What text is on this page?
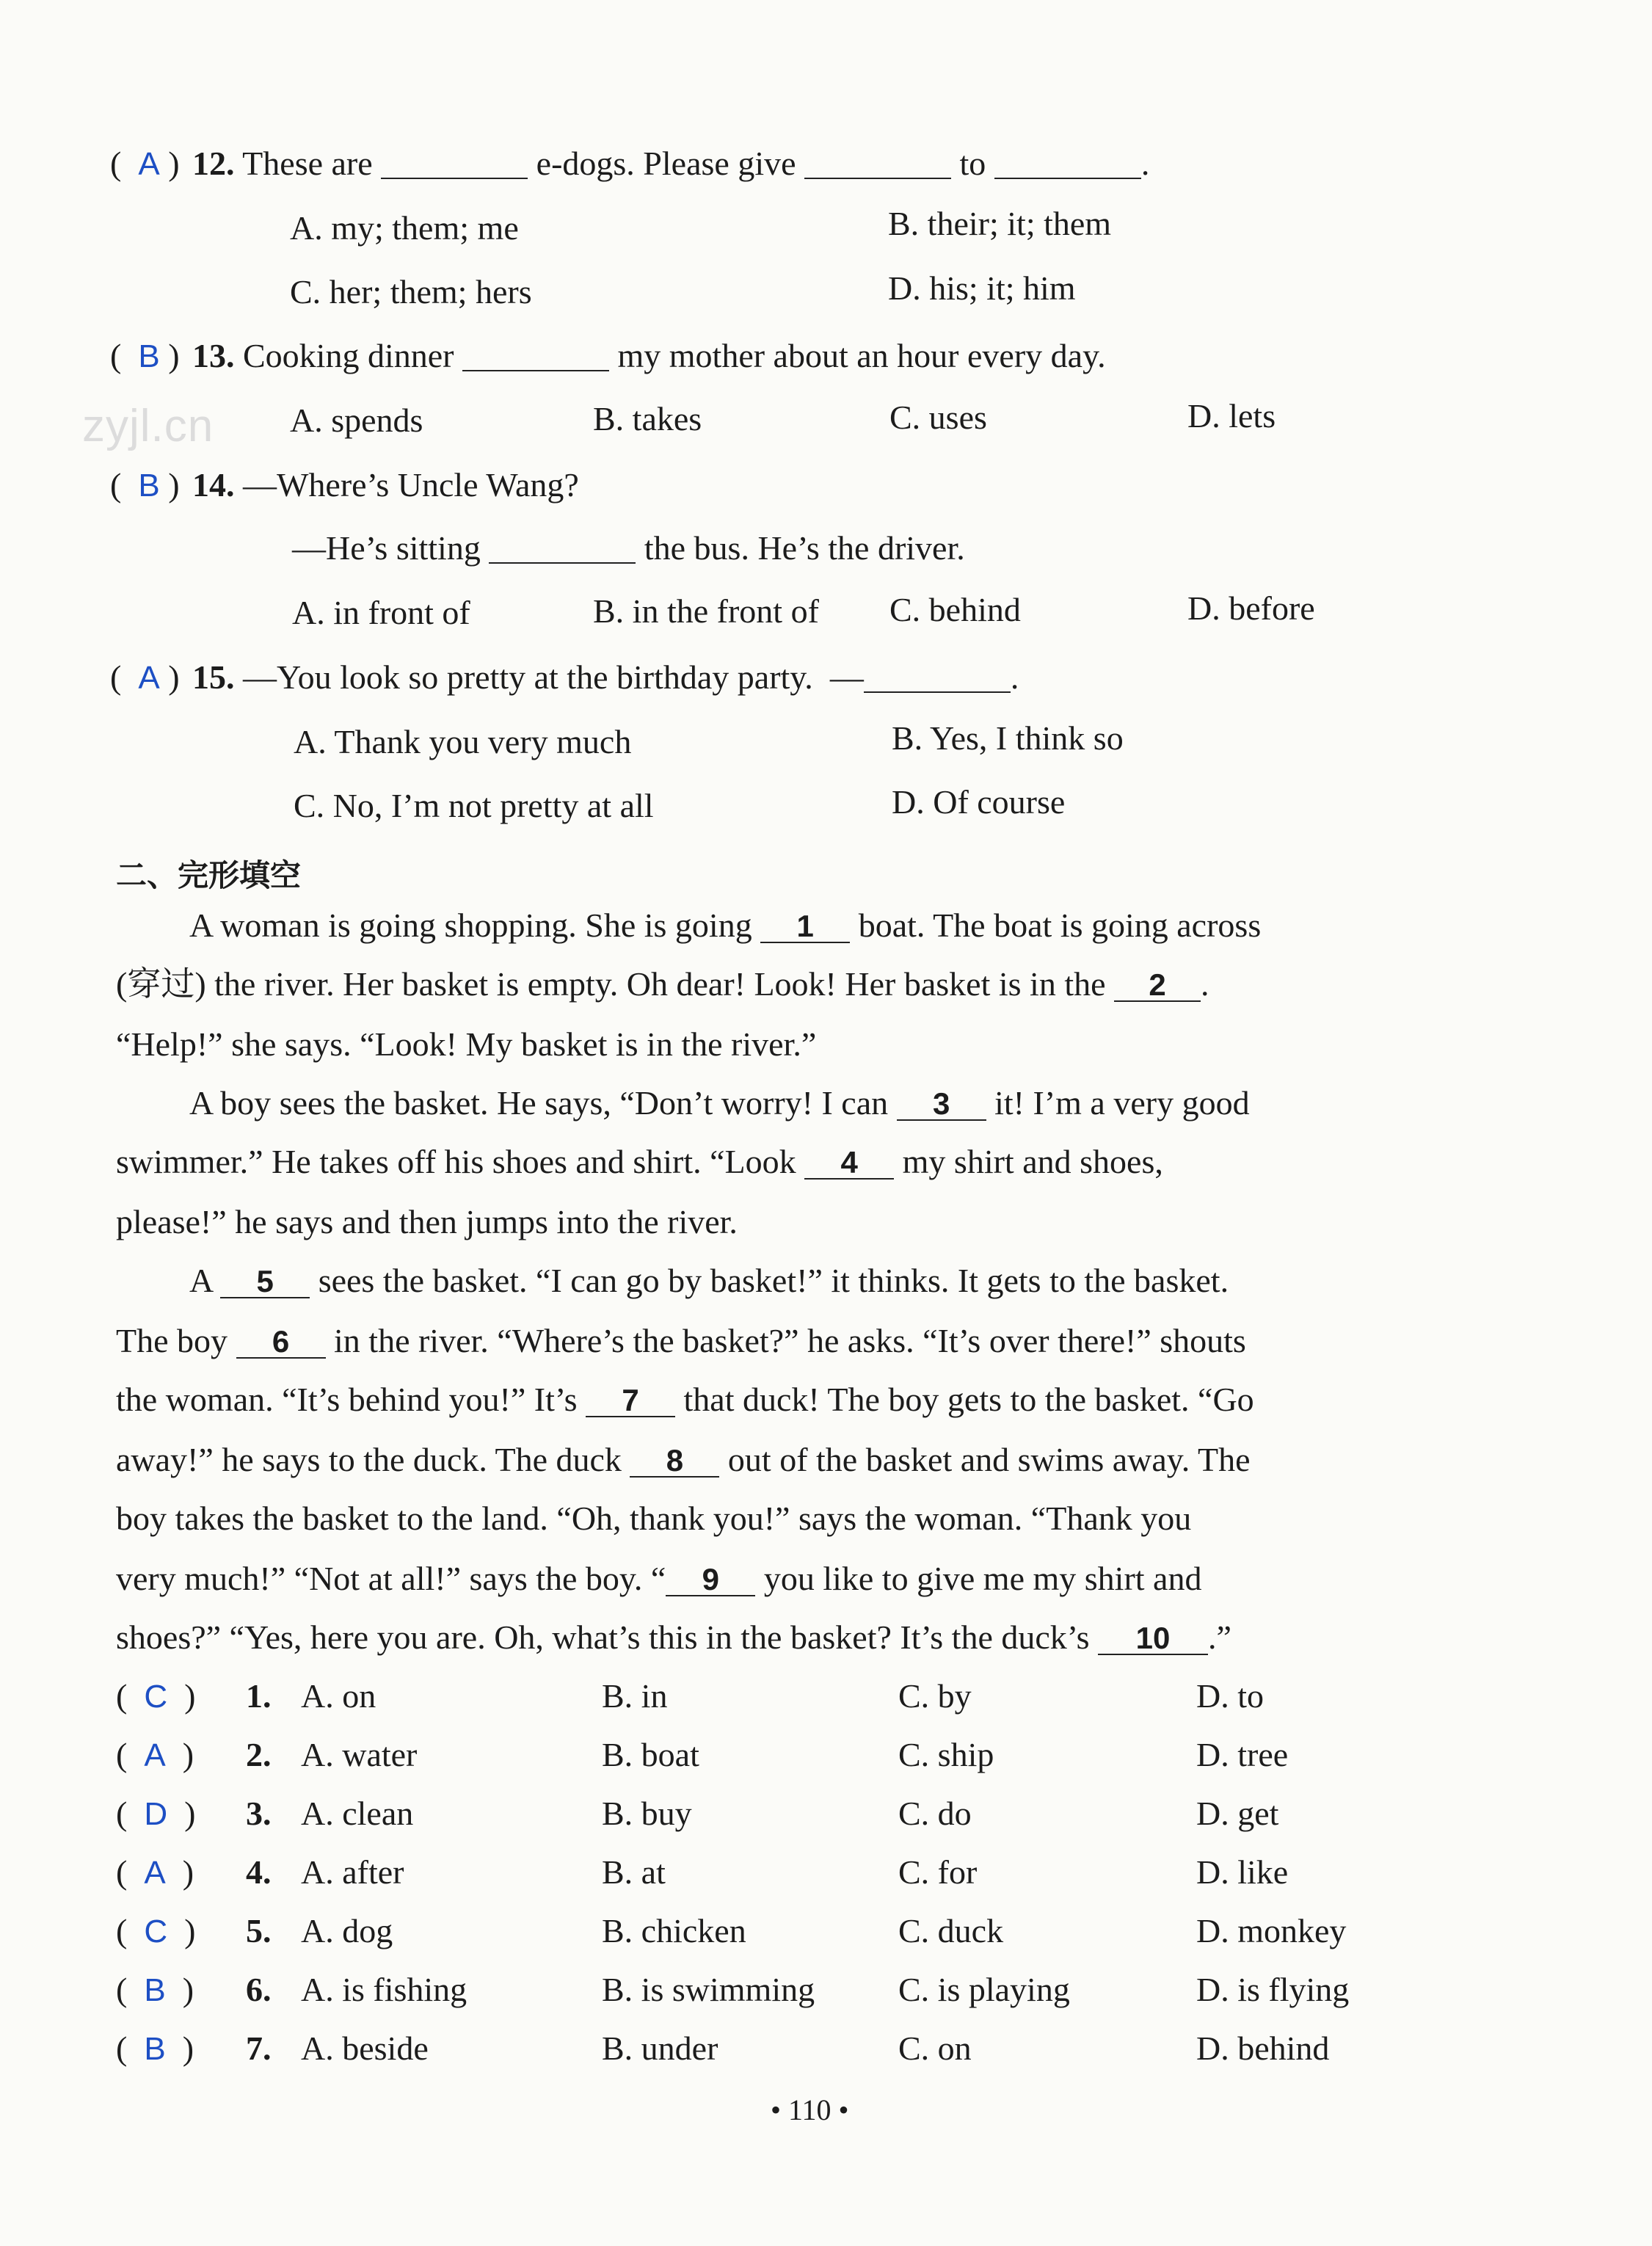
zyjl.cn
(  A ) 12. These are	e-dogs. Please give	to	.
A. my; them; me	B. their; it; them
C. her; them; hers	D. his; it; him
(  B ) 13. Cooking dinner	my mother about an hour every day.
A. spends	B. takes	C. uses	D. lets
(  B ) 14. —Where’s Uncle Wang?
—He’s sitting	the bus. He’s the driver.
A. in front of	B. in the front of C. behind	D. before
(  A ) 15. —You look so pretty at the birthday party. —	.
A. Thank you very much	B. Yes, I think so
C. No, I’m not pretty at all	D. Of course
二、完形填空
A woman is going shopping. She is going 1 boat. The boat is going across
(穿过) the river. Her basket is empty. Oh dear! Look! Her basket is in the 2 .
“Help!” she says. “Look! My basket is in the river.”
A boy sees the basket. He says, “Don’t worry! I can 3 it! I’m a very good
swimmer.” He takes off his shoes and shirt. “Look 4 my shirt and shoes,
please!” he says and then jumps into the river.
A 5 sees the basket. “I can go by basket!” it thinks. It gets to the basket.
The boy 6 in the river. “Where’s the basket?” he asks. “It’s over there!” shouts
the woman. “It’s behind you!” It’s 7 that duck! The boy gets to the basket. “Go
away!” he says to the duck. The duck 8 out of the basket and swims away. The
boy takes the basket to the land. “Oh, thank you!” says the woman. “Thank you
very much!” “Not at all!” says the boy. “ 9 you like to give me my shirt and
shoes?” “Yes, here you are. Oh, what’s this in the basket? It’s the duck’s 10 .”
(  C  ) 1. A. on	B. in	C. by	D. to
(  A  ) 2. A. water	B. boat	C. ship	D. tree
(  D  ) 3. A. clean	B. buy	C. do	D. get
(  A  ) 4. A. after	B. at	C. for	D. like
(  C  ) 5. A. dog	B. chicken	C. duck	D. monkey
(  B  ) 6. A. is fishing	B. is swimming C. is playing	D. is flying
(  B  ) 7. A. beside	B. under	C. on	D. behind
• 110 •
